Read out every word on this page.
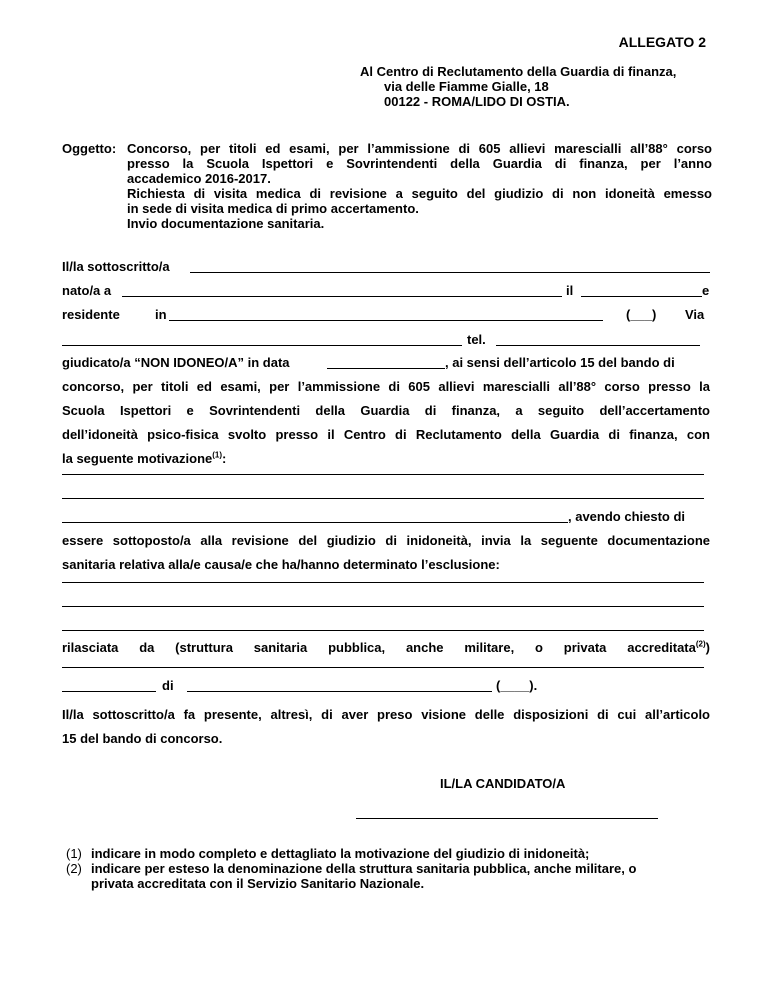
ALLEGATO 2
Al Centro di Reclutamento della Guardia di finanza,
via delle Fiamme Gialle, 18
00122 - ROMA/LIDO DI OSTIA.
Oggetto: Concorso, per titoli ed esami, per l’ammissione di 605 allievi marescialli all’88° corso
presso la Scuola Ispettori e Sovrintendenti della Guardia di finanza, per l’anno
accademico 2016-2017.
Richiesta di visita medica di revisione a seguito del giudizio di non idoneità emesso
in sede di visita medica di primo accertamento.
Invio documentazione sanitaria.
Il/la sottoscritto/a
nato/a a	il	e
residente	in	(___) Via
tel.
giudicato/a “NON IDONEO/A” in data	, ai sensi dell’articolo 15 del bando di
concorso, per titoli ed esami, per l’ammissione di 605 allievi marescialli all’88° corso presso la
Scuola Ispettori e Sovrintendenti della Guardia di finanza, a seguito dell’accertamento
dell’idoneità psico-fisica svolto presso il Centro di Reclutamento della Guardia di finanza, con
la seguente motivazione$^{(1)}$:
, avendo chiesto di
essere sottoposto/a alla revisione del giudizio di inidoneità, invia la seguente documentazione
sanitaria relativa alla/e causa/e che ha/hanno determinato l’esclusione:
rilasciata da (struttura sanitaria pubblica, anche militare, o privata accreditata$^{(2)}$)
di	(____).
Il/la sottoscritto/a fa presente, altresì, di aver preso visione delle disposizioni di cui all’articolo
15 del bando di concorso.
IL/LA CANDIDATO/A
(1) indicare in modo completo e dettagliato la motivazione del giudizio di inidoneità;
(2) indicare per esteso la denominazione della struttura sanitaria pubblica, anche militare, o
privata accreditata con il Servizio Sanitario Nazionale.
